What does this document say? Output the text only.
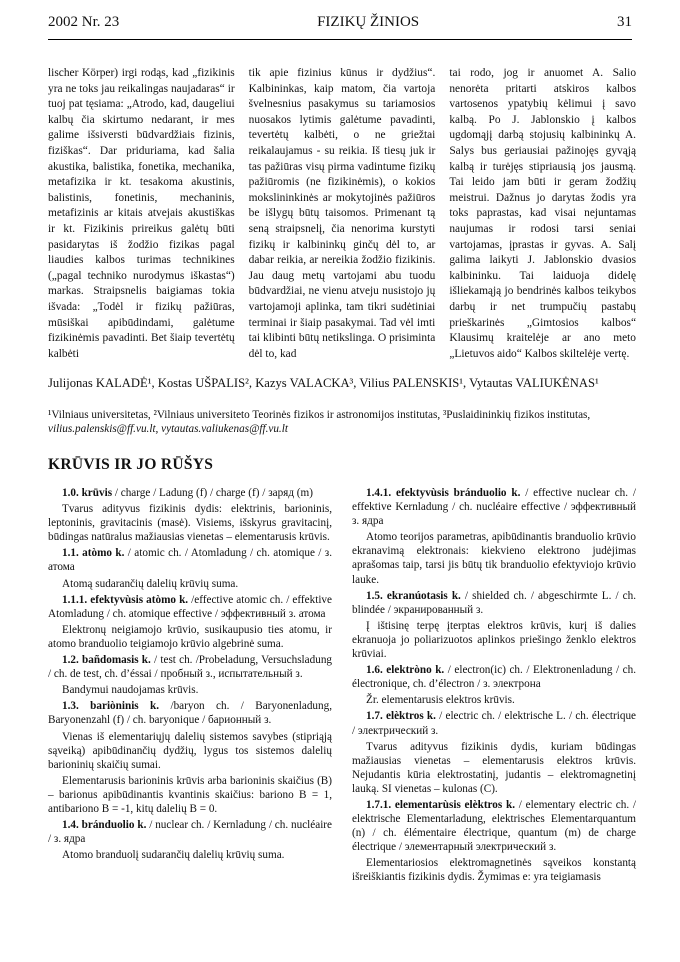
2002 Nr. 23	FIZIKŲ ŽINIOS	31
lischer Körper) irgi rodąs, kad „fizikinis yra ne toks jau reikalingas naujadaras“ ir tuoj pat tęsiama: „Atrodo, kad, daugeliui kalbų čia skirtumo nedarant, ir mes galime išsiversti būdvardžiais fizinis, fiziškas“. Dar priduriama, kad šalia akustika, balistika, fonetika, mechanika, metafizika ir kt. tesakoma akustinis, balistinis, fonetinis, mechaninis, metafizinis ar kitais atvejais akustiškas ir kt. Fizikinis prireikus galėtų būti pasidarytas iš žodžio fizikas pagal liaudies kalbos turimas technikines („pagal techniko nurodymus iškastas“) markas. Straipsnelis baigiamas tokia išvada: „Todėl ir fizikų pažiūras, mūsiškai apibūdindami, galėtume fizikinėmis pavadinti. Bet šiaip tevertėtų kalbėti
tik apie fizinius kūnus ir dydžius“. Kalbininkas, kaip matom, čia vartoja švelnesnius pasakymus su tariamosios nuosakos lytimis galėtume pavadinti, tevertėtų kalbėti, o ne griežtai reikalaujamus - su reikia. Iš tiesų juk ir tas pažiūras visų pirma vadintume fizikų pažiūromis (ne fizikinėmis), o kokios mokslininkinės ar mokytojinės pažiūros be išlygų būtų taisomos. Primenant tą seną straipsnelį, čia nenorima kurstyti fizikų ir kalbininkų ginčų dėl to, ar dabar reikia, ar nereikia žodžio fizikinis. Jau daug metų vartojami abu tuodu būdvardžiai, ne vienu atveju nusistojo jų vartojamoji aplinka, tam tikri sudėtiniai terminai ir šiaip pasakymai. Tad vėl imti tai klibinti būtų netikslinga. O prisiminta dėl to, kad
tai rodo, jog ir anuomet A. Salio nenorėta pritarti atskiros kalbos vartosenos ypatybių kėlimui į savo kalbą. Po J. Jablonskio į kalbos ugdomąjį darbą stojusių kalbininkų A. Salys bus geriausiai pažinojęs gyvąją kalbą ir turėjęs stipriausią jos jausmą. Tai leido jam būti ir geram žodžių meistrui. Dažnus jo darytas žodis yra toks paprastas, kad visai nejuntamas naujumas ir rodosi tarsi seniai vartojamas, įprastas ir gyvas. A. Salį galima laikyti J. Jablonskio dvasios kalbininku. Tai laiduoja didelę išliekamąją jo bendrinės kalbos teikybos darbų ir net trumpučių pastabų prieškarinės „Gimtosios kalbos“ Klausimų kraitelėje ar ano meto „Lietuvos aido“ Kalbos skiltelėje vertę.
Julijonas KALADĖ¹, Kostas UŠPALIS², Kazys VALACKA³, Vilius PALENSKIS¹, Vytautas VALIUKĖNAS¹
¹Vilniaus universitetas, ²Vilniaus universiteto Teorinės fizikos ir astronomijos institutas, ³Puslaidininkių fizikos institutas,
vilius.palenskis@ff.vu.lt, vytautas.valiukenas@ff.vu.lt
KRŪVIS IR JO RŪŠYS

1.0. krūvis / charge / Ladung (f) / charge (f) / заряд (m)

Tvarus adityvus fizikinis dydis: elektrinis, barioninis, leptoninis, gravitacinis (masė). Visiems, išskyrus gravitacinį, būdingas natūralus mažiausias vienetas – elementarusis krūvis.

1.1. atòmo k. / atomic ch. / Atomladung / ch. atomique / з. атома

Atomą sudarančių dalelių krūvių suma.

1.1.1. efektyvùsis atòmo k. /effective atomic ch. / effektive Atomladung / ch. atomique effective / эффективный з. атома

Elektronų neigiamojo krūvio, susikaupusio ties atomu, ir atomo branduolio teigiamojo krūvio algebrinė suma.

1.2. bañdomasis k. / test ch. /Probeladung, Versuchsladung / ch. de test, ch. d’éssai / пробный з., испытательный з.

Bandymui naudojamas krūvis.

1.3. bariòninis k. /baryon ch. / Baryonenladung, Baryonenzahl (f) / ch. baryonique / барионный з.

Vienas iš elementariųjų dalelių sistemos savybes (stipriąją sąveiką) apibūdinančių dydžių, lygus tos sistemos dalelių barioninių skaičių sumai.

Elementarusis barioninis krūvis arba barioninis skaičius (B) – barionus apibūdinantis kvantinis skaičius: barionо B = 1, antibariono B = -1, kitų dalelių B = 0.

1.4. bránduolio k. / nuclear ch. / Kernladung / ch. nucléaire / з. ядра

Atomo branduolį sudarančių dalelių krūvių suma.

1.4.1. efektyvùsis bránduolio k. / effective nuclear ch. / effektive Kernladung / ch. nucléaire effective / эффективный з. ядра

Atomo teorijos parametras, apibūdinantis branduolio krūvio ekranavimą elektronais: kiekvieno elektrono judėjimas aprašomas taip, tarsi jis būtų tik branduolio efektyviojo krūvio lauke.

1.5. ekranúotasis k. / shielded ch. / abgeschirmte L. / ch. blindée / экранированный з.

Į ištisinę terpę įterptas elektros krūvis, kurį iš dalies ekranuoja jo poliarizuotos aplinkos priešingo ženklo elektros krūviai.

1.6. elektròno k. / electron(ic) ch. / Elektronenladung / ch. électronique, ch. d’électron / з. электрона

Žr. elementarusis elektros krūvis.

1.7. elèktros k. / electric ch. / elektrische L. / ch. électrique / электрический з.

Tvarus adityvus fizikinis dydis, kuriam būdingas mažiausias vienetas – elementarusis elektros krūvis. Nejudantis kūria elektrostatinį, judantis – elektromagnetinį lauką. SI vienetas – kulonas (C).

1.7.1. elementarùsis elèktros k. / elementary electric ch. / elektrische Elementarladung, elektrisches Elementarquantum (n) / ch. élémentaire électrique, quantum (m) de charge électrique / элементарный электрический з.

Elementariosios elektromagnetinės sąveikos konstantą išreiškiantis fizikinis dydis. Žymimas e: yra teigiamasis
